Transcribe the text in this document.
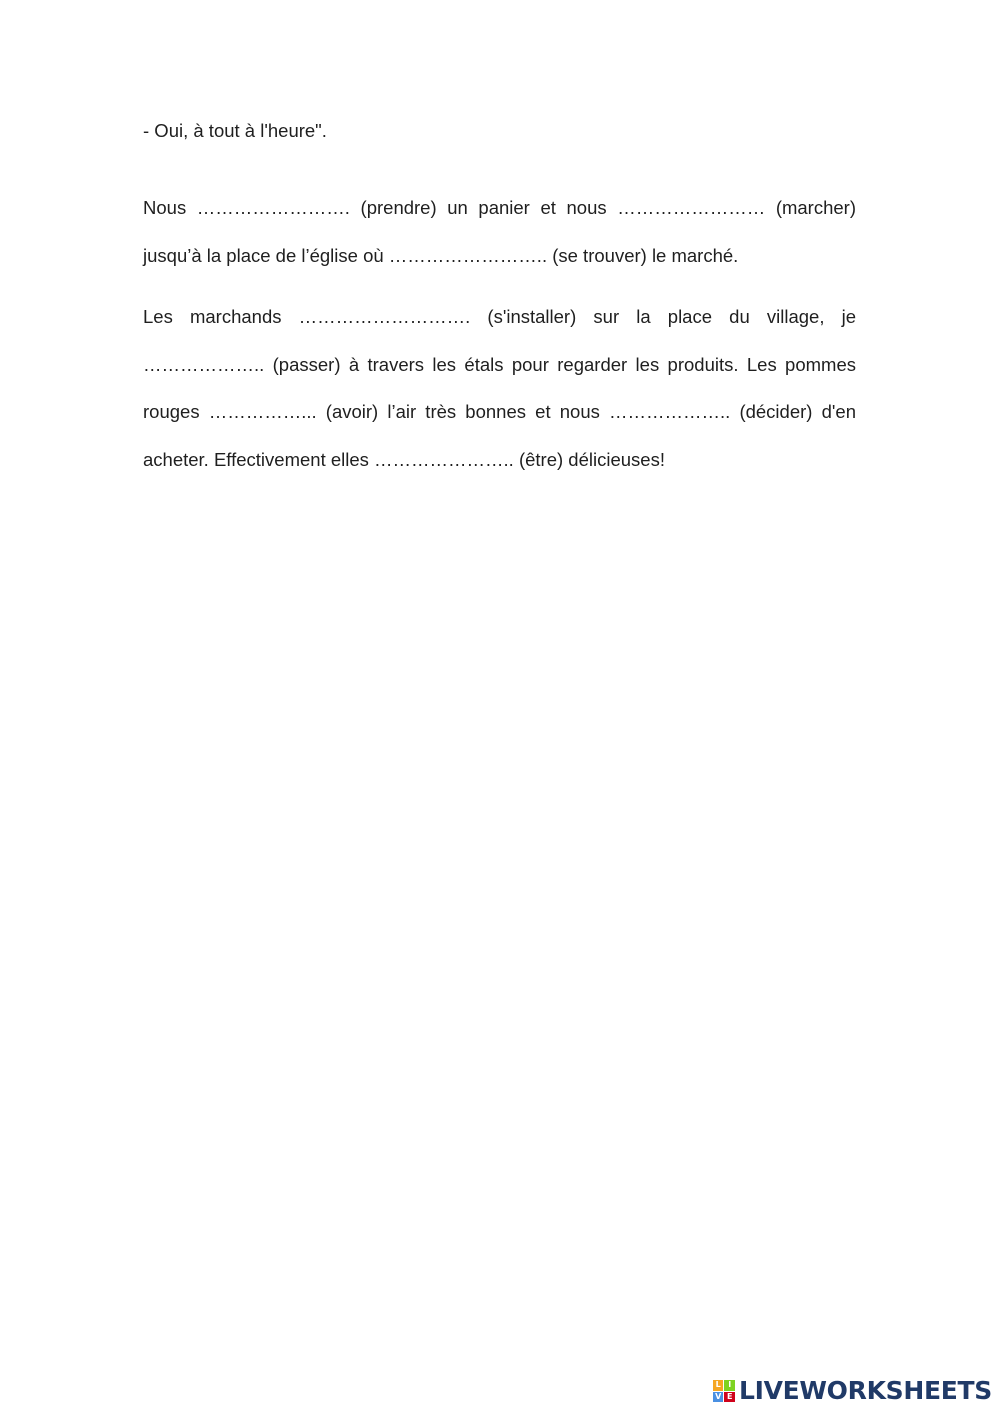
- Oui, à tout à l'heure".

Nous ……………………. (prendre) un panier et nous …………………… (marcher) jusqu’à la place de l’église où …………………….. (se trouver) le marché.

Les marchands ………………………. (s'installer) sur la place du village, je ……………….. (passer) à travers les étals pour regarder les produits. Les pommes rouges ……………... (avoir) l’air très bonnes et nous ……………….. (décider) d'en acheter. Effectivement elles ………………….. (être) délicieuses!

L I
V E LIVEWORKSHEETS
